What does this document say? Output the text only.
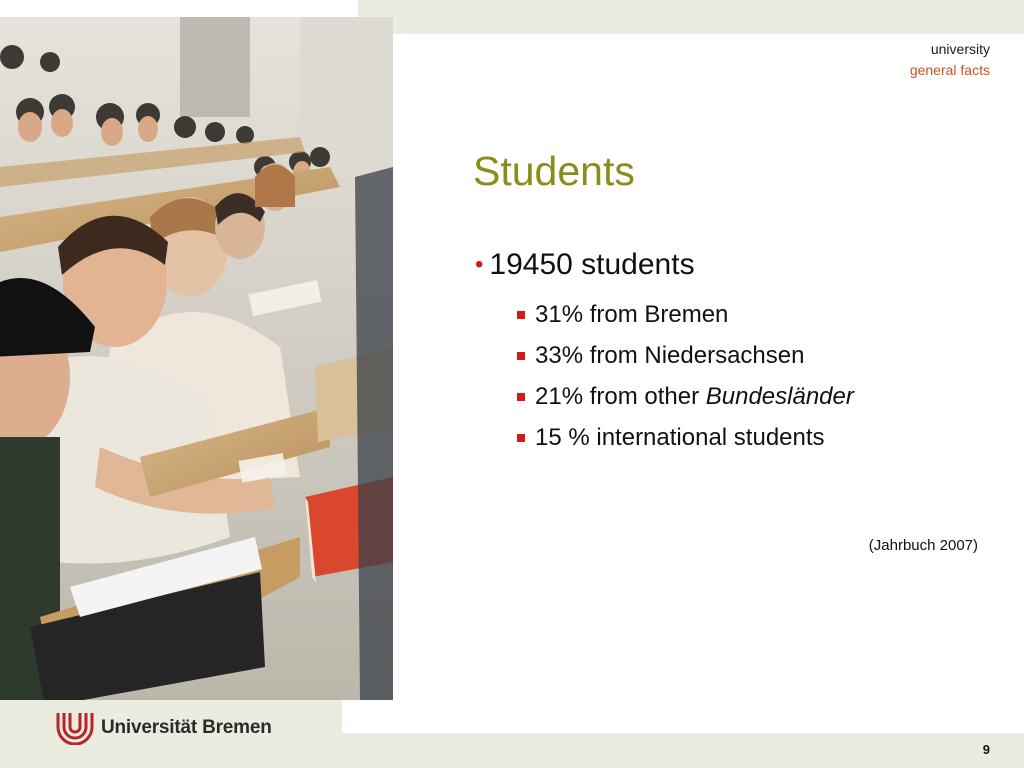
university
general facts
Students
• 19450 students
31% from Bremen
33% from Niedersachsen
21% from other Bundesländer
15 % international students
(Jahrbuch 2007)
Universität Bremen
9
